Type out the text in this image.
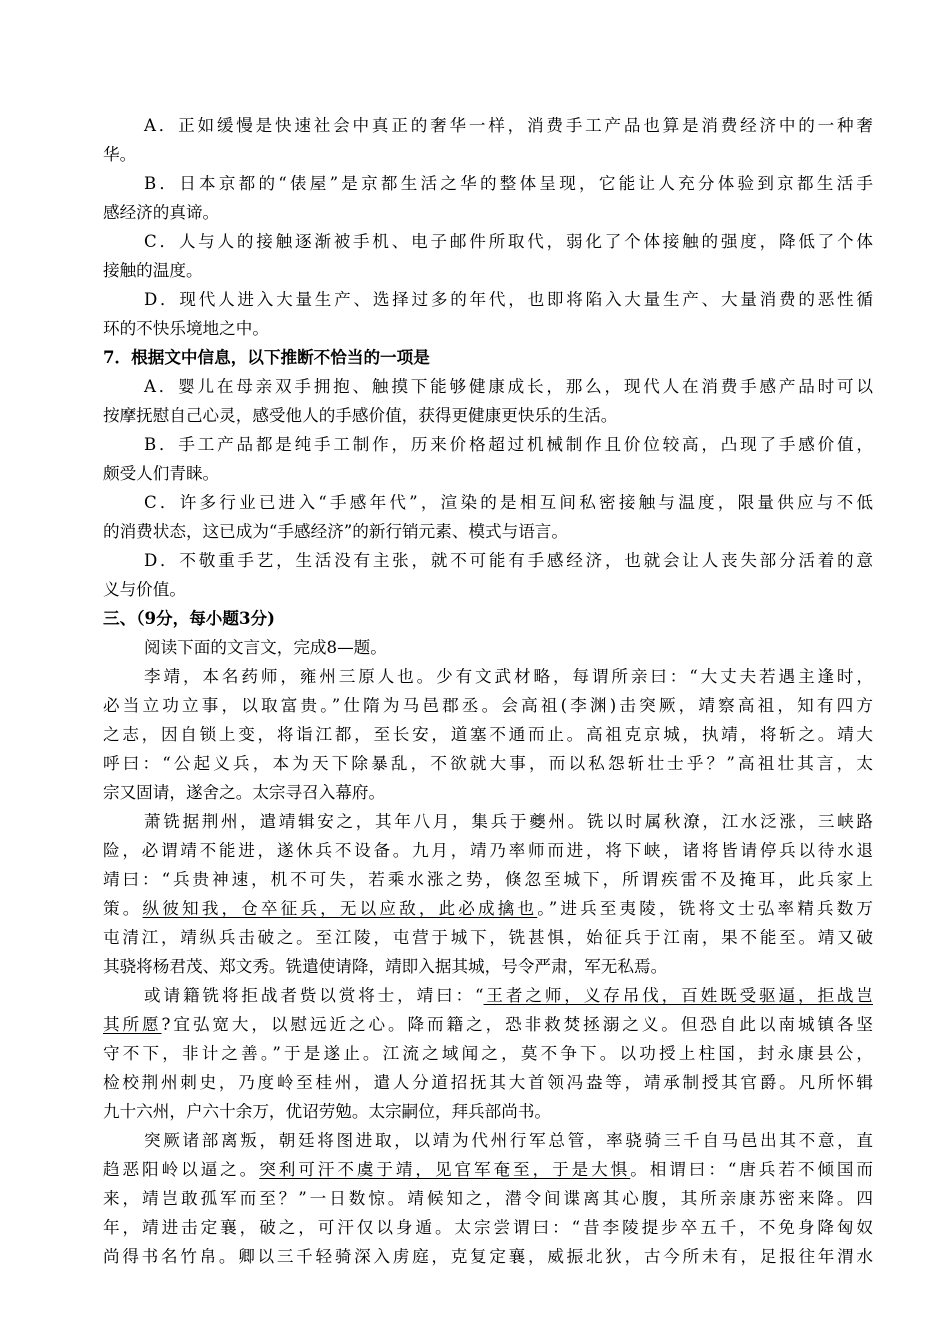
A．正如缓慢是快速社会中真正的奢华一样，消费手工产品也算是消费经济中的一种奢
华。
B．日本京都的“俵屋”是京都生活之华的整体呈现，它能让人充分体验到京都生活手
感经济的真谛。
C．人与人的接触逐渐被手机、电子邮件所取代，弱化了个体接触的强度，降低了个体
接触的温度。
D．现代人进入大量生产、选择过多的年代，也即将陷入大量生产、大量消费的恶性循
环的不快乐境地之中。
7．根据文中信息，以下推断不恰当的一项是
A．婴儿在母亲双手拥抱、触摸下能够健康成长，那么，现代人在消费手感产品时可以
按摩抚慰自己心灵，感受他人的手感价值，获得更健康更快乐的生活。
B．手工产品都是纯手工制作，历来价格超过机械制作且价位较高，凸现了手感价值，
颇受人们青睐。
C．许多行业已进入“手感年代”，渲染的是相互间私密接触与温度，限量供应与不低
的消费状态，这已成为“手感经济”的新行销元素、模式与语言。
D．不敬重手艺，生活没有主张，就不可能有手感经济，也就会让人丧失部分活着的意
义与价值。
三、（9分，每小题3分)
阅读下面的文言文，完成8—题。
李靖，本名药师，雍州三原人也。少有文武材略，每谓所亲曰：“大丈夫若遇主逢时，
必当立功立事，以取富贵。”仕隋为马邑郡丞。会高祖(李渊)击突厥，靖察高祖，知有四方
之志，因自锁上变，将诣江都，至长安，道塞不通而止。高祖克京城，执靖，将斩之。靖大
呼曰：“公起义兵，本为天下除暴乱，不欲就大事，而以私怨斩壮士乎？”高祖壮其言，太
宗又固请，遂舍之。太宗寻召入幕府。
萧铣据荆州，遣靖辑安之，其年八月，集兵于夔州。铣以时属秋潦，江水泛涨，三峡路
险，必谓靖不能进，遂休兵不设备。九月，靖乃率师而进，将下峡，诸将皆请停兵以待水退
靖曰：“兵贵神速，机不可失，若乘水涨之势，倏忽至城下，所谓疾雷不及掩耳，此兵家上
策。纵彼知我，仓卒征兵，无以应敌，此必成擒也。”进兵至夷陵，铣将文士弘率精兵数万
屯清江，靖纵兵击破之。至江陵，屯营于城下，铣甚惧，始征兵于江南，果不能至。靖又破
其骁将杨君茂、郑文秀。铣遣使请降，靖即入据其城，号令严肃，军无私焉。
或请籍铣将拒战者赀以赏将士，靖曰：“王者之师，义存吊伐，百姓既受驱逼，拒战岂
其所愿?宜弘宽大，以慰远近之心。降而籍之，恐非救焚拯溺之义。但恐自此以南城镇各坚
守不下，非计之善。”于是遂止。江流之域闻之，莫不争下。以功授上柱国，封永康县公，
检校荆州刺史，乃度岭至桂州，遣人分道招抚其大首领冯盎等，靖承制授其官爵。凡所怀辑
九十六州，户六十余万，优诏劳勉。太宗嗣位，拜兵部尚书。
突厥诸部离叛，朝廷将图进取，以靖为代州行军总管，率骁骑三千自马邑出其不意，直
趋恶阳岭以逼之。突利可汗不虞于靖，见官军奄至，于是大惧。相谓曰：“唐兵若不倾国而
来，靖岂敢孤军而至？”一日数惊。靖候知之，潜令间谍离其心腹，其所亲康苏密来降。四
年，靖进击定襄，破之，可汗仅以身遁。太宗尝谓曰：“昔李陵提步卒五千，不免身降匈奴
尚得书名竹帛。卿以三千轻骑深入虏庭，克复定襄，威振北狄，古今所未有，足报往年渭水
